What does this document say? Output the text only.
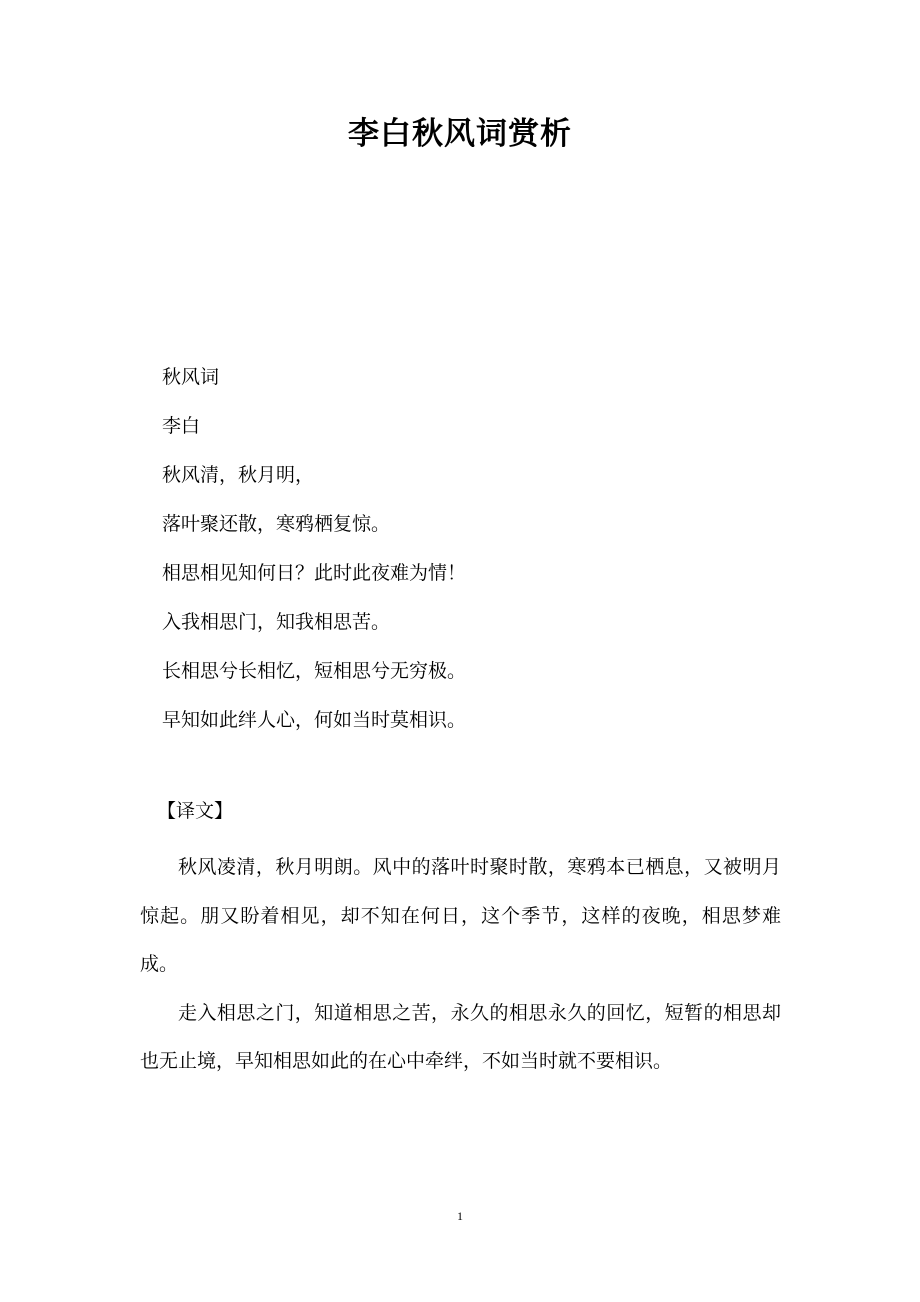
李白秋风词赏析
秋风词
李白
秋风清，秋月明，
落叶聚还散，寒鸦栖复惊。
相思相见知何日？此时此夜难为情！
入我相思门，知我相思苦。
长相思兮长相忆，短相思兮无穷极。
早知如此绊人心，何如当时莫相识。
【译文】

秋风凌清，秋月明朗。风中的落叶时聚时散，寒鸦本已栖息，又被明月惊起。朋又盼着相见，却不知在何日，这个季节，这样的夜晚，相思梦难成。

走入相思之门，知道相思之苦，永久的相思永久的回忆，短暂的相思却也无止境，早知相思如此的在心中牵绊，不如当时就不要相识。

1
